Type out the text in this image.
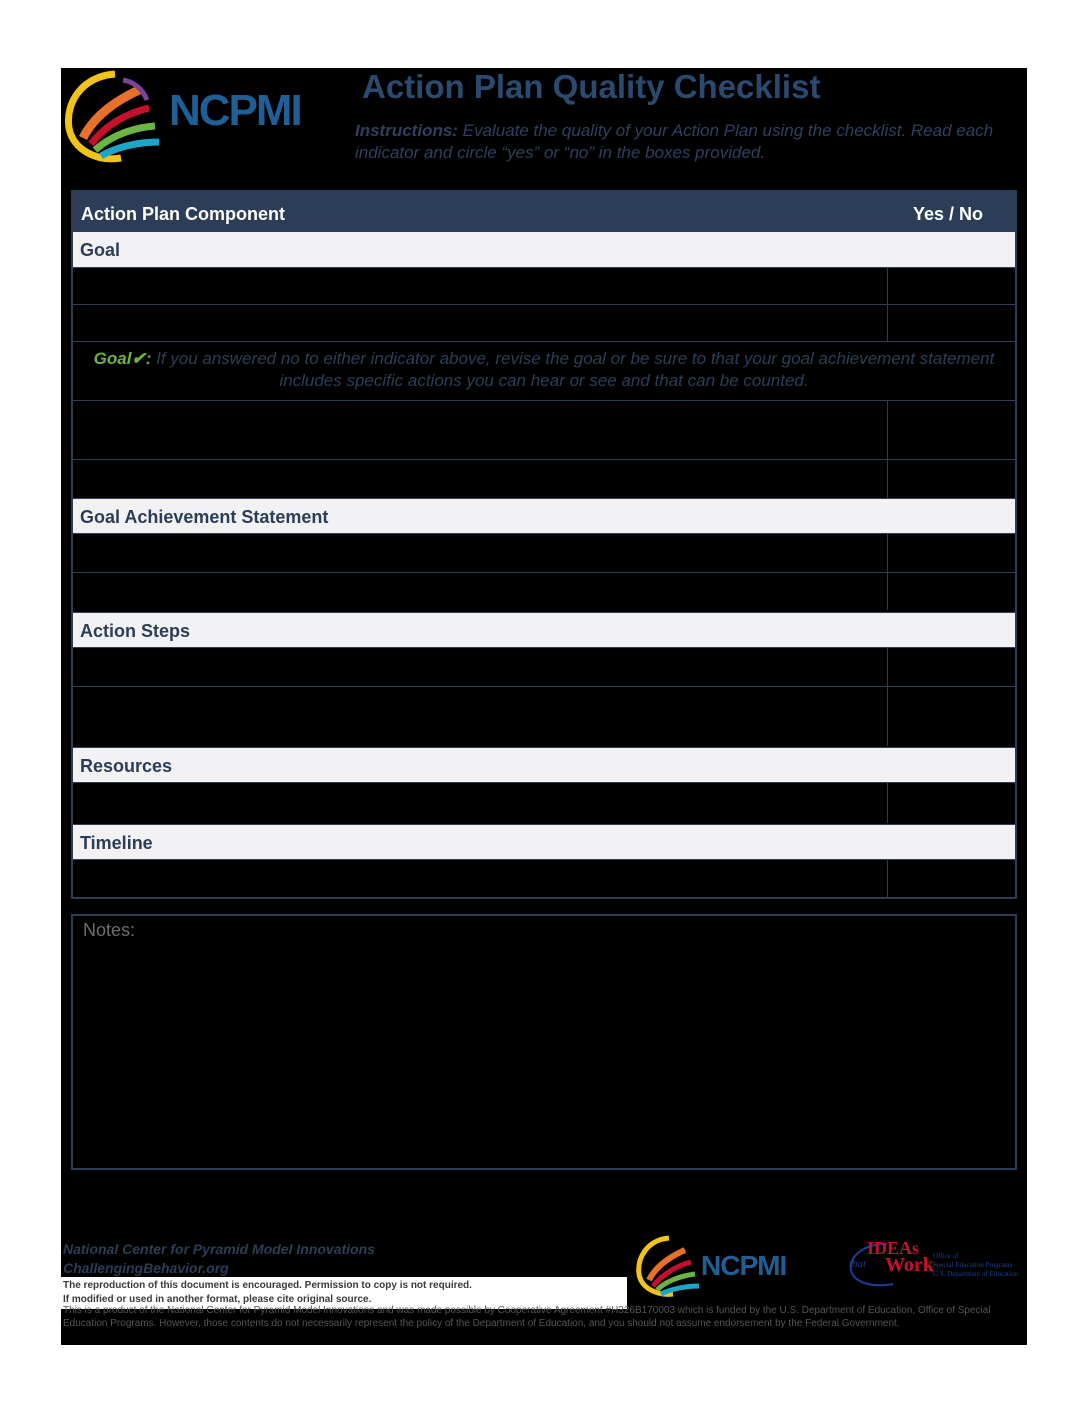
NCPMI Action Plan Quality Checklist
Instructions: Evaluate the quality of your Action Plan using the checklist. Read each indicator and circle “yes” or “no” in the boxes provided.
Action Plan Component	Yes / No
Goal
Goal✔: If you answered no to either indicator above, revise the goal or be sure to that your goal achievement statement includes specific actions you can hear or see and that can be counted.
Goal Achievement Statement
Action Steps
Resources
Timeline
Notes:
National Center for Pyramid Model Innovations
ChallengingBehavior.org
The reproduction of this document is encouraged. Permission to copy is not required.
If modified or used in another format, please cite original source.
This is a product of the National Center for Pyramid Model Innovations and was made possible by Cooperative Agreement #H326B170003 which is funded by the U.S. Department of Education, Office of Special Education Programs. However, those contents do not necessarily represent the policy of the Department of Education, and you should not assume endorsement by the Federal Government.
NCPMI
IDEAs
that Work Office of
Special Education Programs
U.S. Department of Education
